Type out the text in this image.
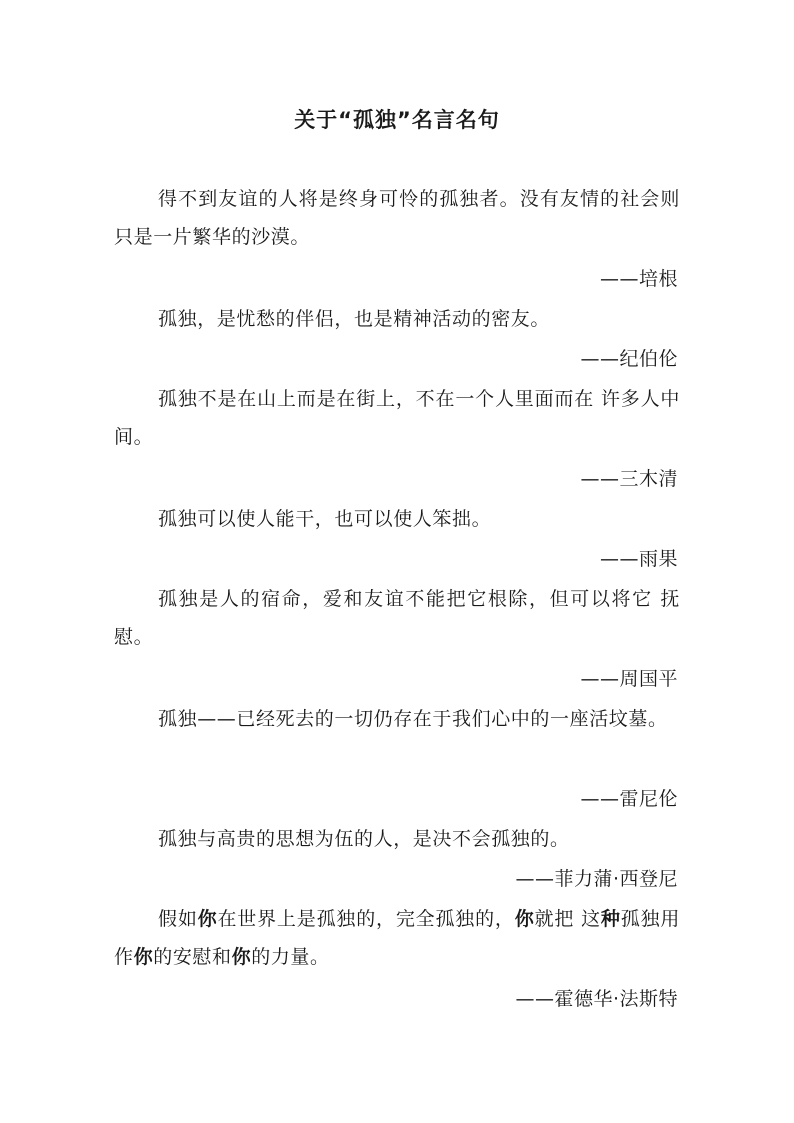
关于“孤独”名言名句
得不到友谊的人将是终身可怜的孤独者。没有友情的社会则只是一片繁华的沙漠。
——培根
孤独，是忧愁的伴侣，也是精神活动的密友。
——纪伯伦
孤独不是在山上而是在街上，不在一个人里面而在 许多人中间。
——三木清
孤独可以使人能干，也可以使人笨拙。
——雨果
孤独是人的宿命，爱和友谊不能把它根除，但可以将它 抚慰。
——周国平
孤独——已经死去的一切仍存在于我们心中的一座活坟墓。
——雷尼伦
孤独与高贵的思想为伍的人，是决不会孤独的。
——菲力蒲·西登尼
假如你在世界上是孤独的，完全孤独的，你就把 这种孤独用作你的安慰和你的力量。
——霍德华·法斯特
